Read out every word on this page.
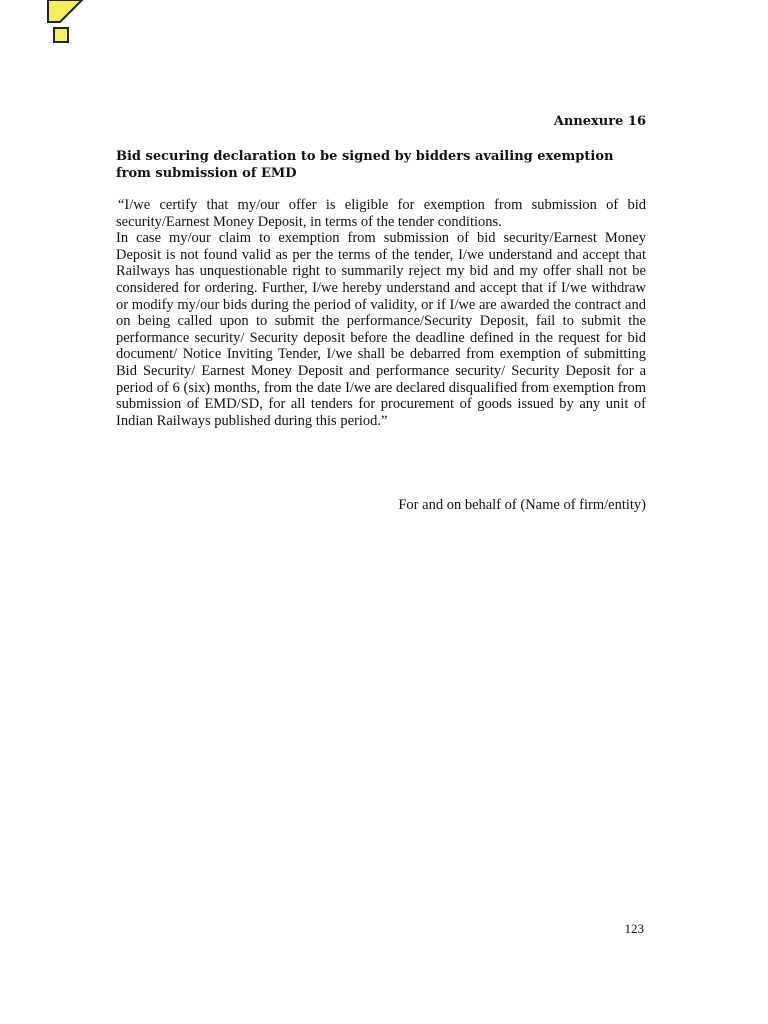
Annexure 16
Bid securing declaration to be signed by bidders availing exemption from submission of EMD

“I/we certify that my/our offer is eligible for exemption from submission of bid security/Earnest Money Deposit, in terms of the tender conditions.

In case my/our claim to exemption from submission of bid security/Earnest Money Deposit is not found valid as per the terms of the tender, I/we understand and accept that Railways has unquestionable right to summarily reject my bid and my offer shall not be considered for ordering. Further, I/we hereby understand and accept that if I/we withdraw or modify my/our bids during the period of validity, or if I/we are awarded the contract and on being called upon to submit the performance/Security Deposit, fail to submit the performance security/ Security deposit before the deadline defined in the request for bid document/ Notice Inviting Tender, I/we shall be debarred from exemption of submitting Bid Security/ Earnest Money Deposit and performance security/ Security Deposit for a period of 6 (six) months, from the date I/we are declared disqualified from exemption from submission of EMD/SD, for all tenders for procurement of goods issued by any unit of Indian Railways published during this period.”

For and on behalf of (Name of firm/entity)
123
